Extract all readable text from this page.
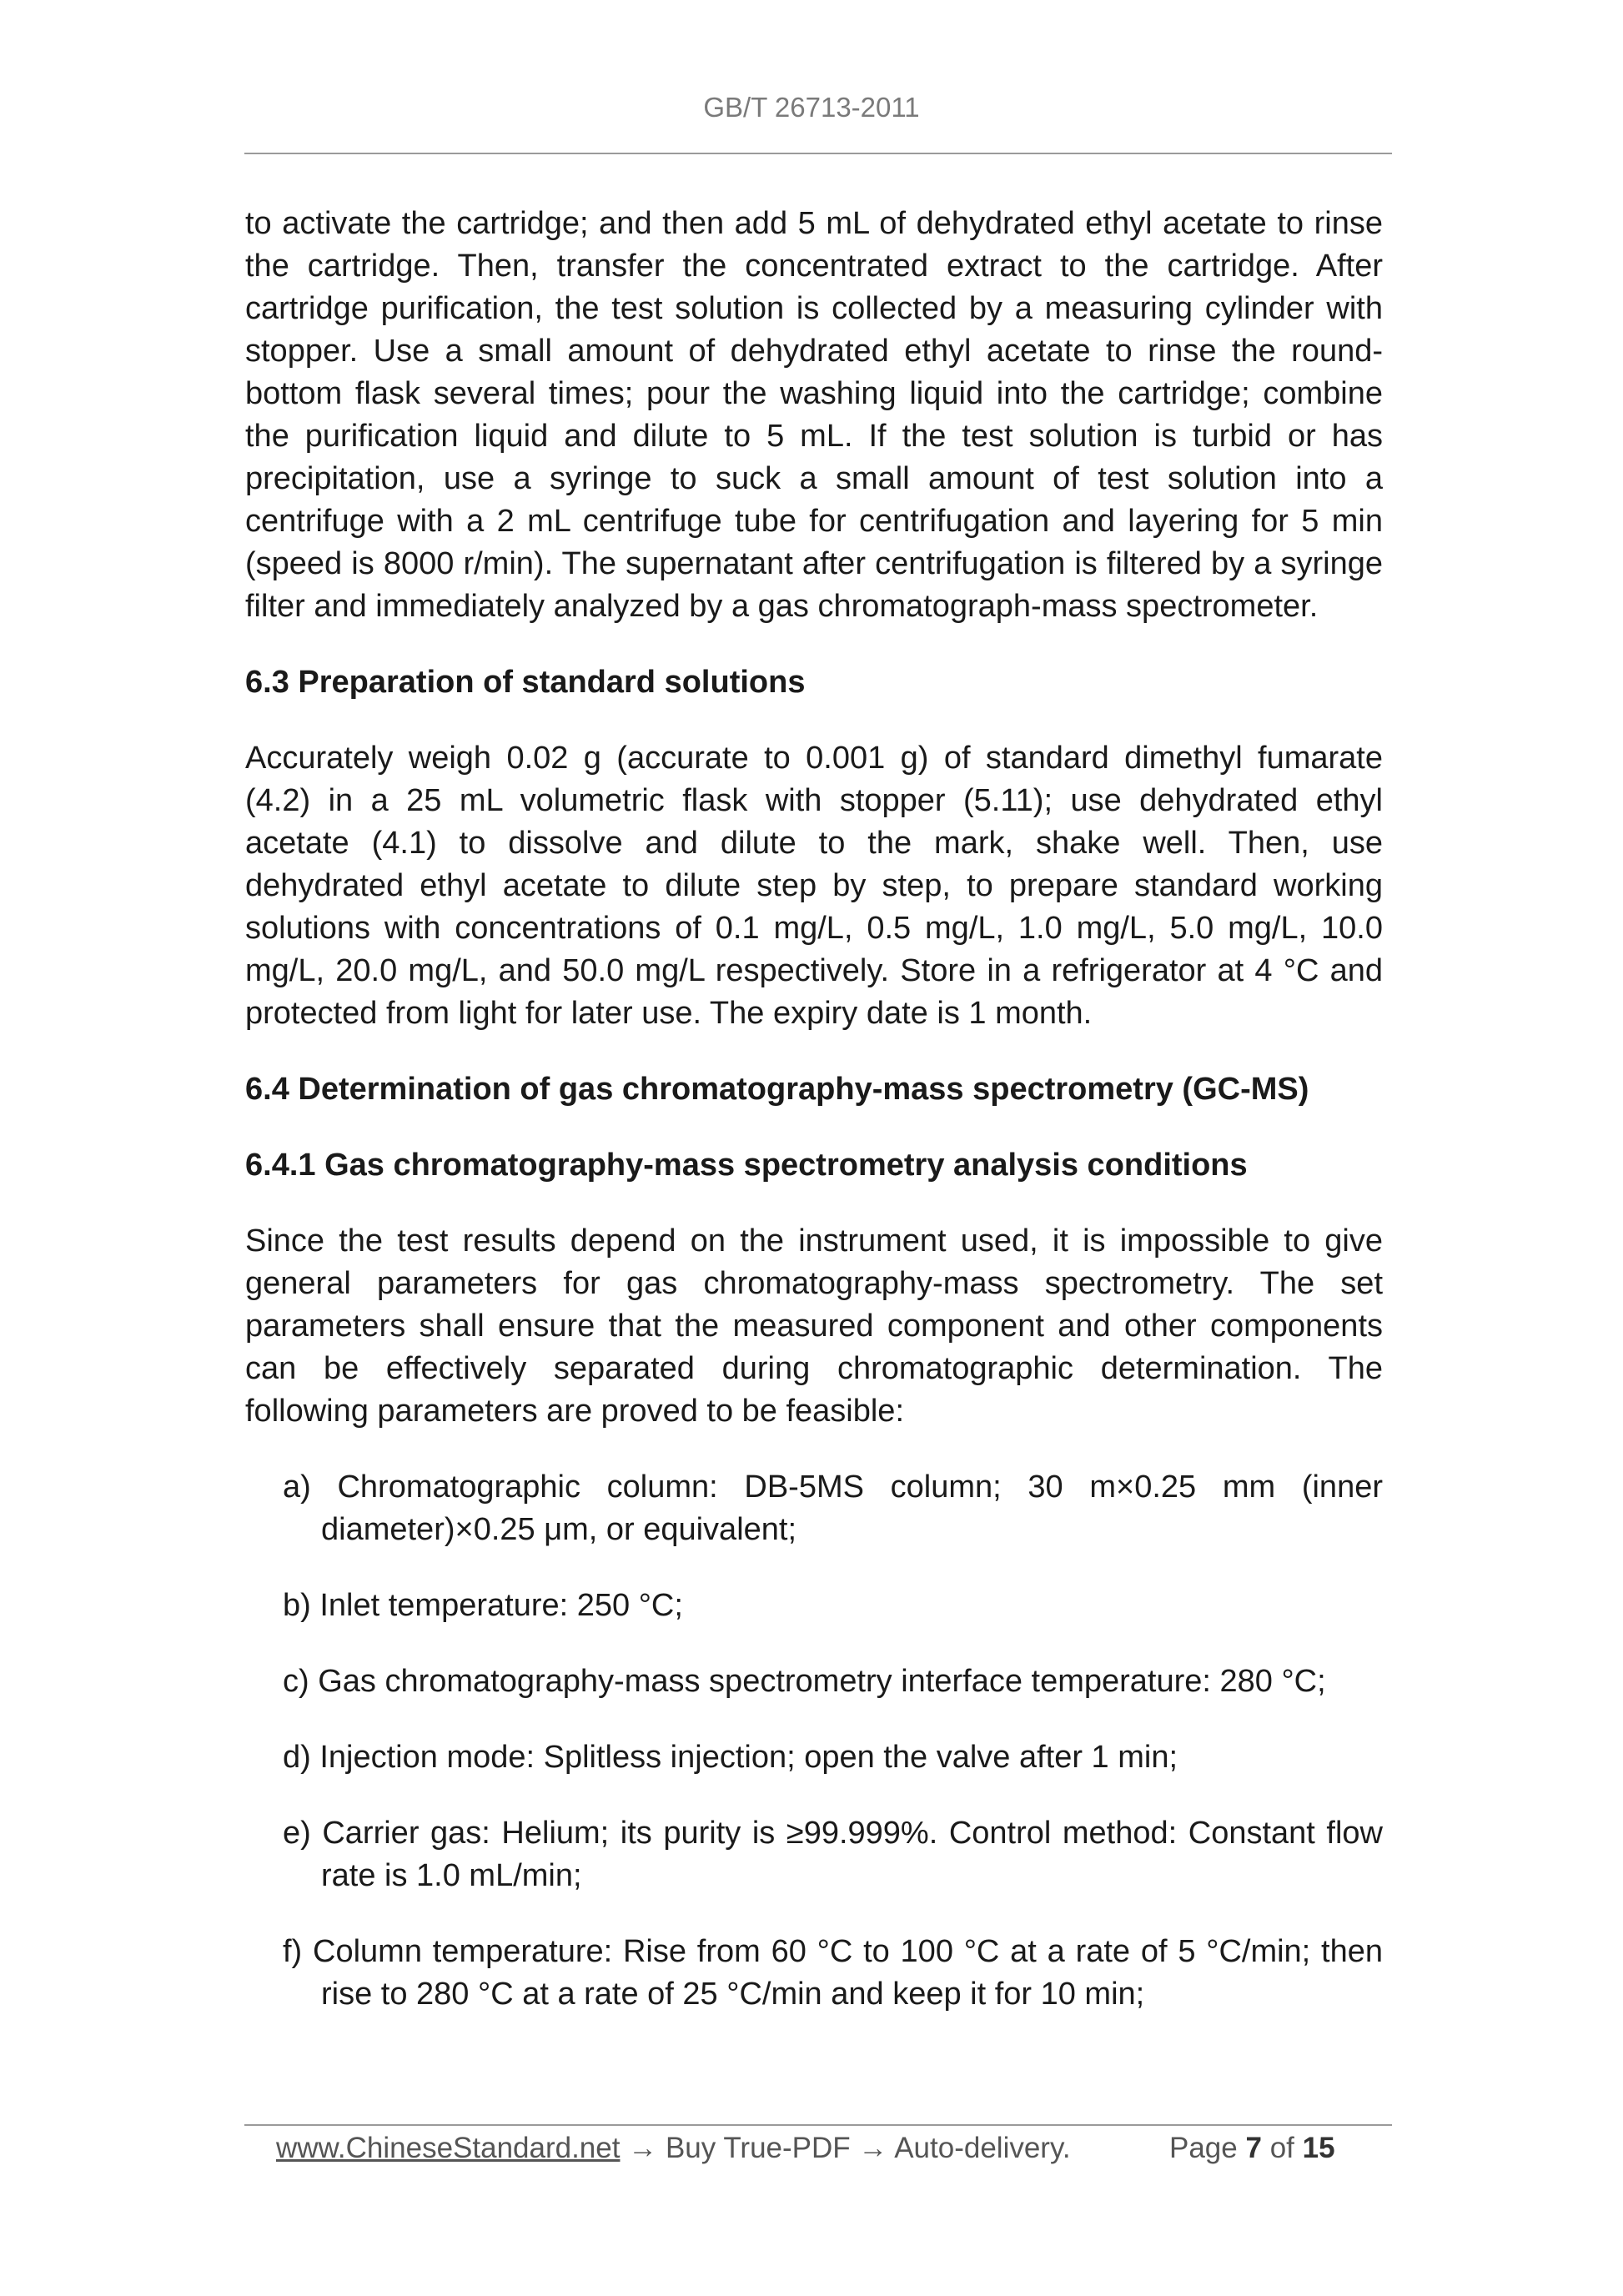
GB/T 26713-2011

to activate the cartridge; and then add 5 mL of dehydrated ethyl acetate to rinse the cartridge. Then, transfer the concentrated extract to the cartridge. After cartridge purification, the test solution is collected by a measuring cylinder with stopper. Use a small amount of dehydrated ethyl acetate to rinse the round-bottom flask several times; pour the washing liquid into the cartridge; combine the purification liquid and dilute to 5 mL. If the test solution is turbid or has precipitation, use a syringe to suck a small amount of test solution into a centrifuge with a 2 mL centrifuge tube for centrifugation and layering for 5 min (speed is 8000 r/min). The supernatant after centrifugation is filtered by a syringe filter and immediately analyzed by a gas chromatograph-mass spectrometer.

6.3 Preparation of standard solutions

Accurately weigh 0.02 g (accurate to 0.001 g) of standard dimethyl fumarate (4.2) in a 25 mL volumetric flask with stopper (5.11); use dehydrated ethyl acetate (4.1) to dissolve and dilute to the mark, shake well. Then, use dehydrated ethyl acetate to dilute step by step, to prepare standard working solutions with concentrations of 0.1 mg/L, 0.5 mg/L, 1.0 mg/L, 5.0 mg/L, 10.0 mg/L, 20.0 mg/L, and 50.0 mg/L respectively. Store in a refrigerator at 4 °C and protected from light for later use. The expiry date is 1 month.

6.4 Determination of gas chromatography-mass spectrometry (GC-MS)
6.4.1 Gas chromatography-mass spectrometry analysis conditions

Since the test results depend on the instrument used, it is impossible to give general parameters for gas chromatography-mass spectrometry. The set parameters shall ensure that the measured component and other components can be effectively separated during chromatographic determination. The following parameters are proved to be feasible:

a) Chromatographic column: DB-5MS column; 30 m×0.25 mm (inner diameter)×0.25 μm, or equivalent;
b) Inlet temperature: 250 °C;
c) Gas chromatography-mass spectrometry interface temperature: 280 °C;
d) Injection mode: Splitless injection; open the valve after 1 min;
e) Carrier gas: Helium; its purity is ≥99.999%. Control method: Constant flow rate is 1.0 mL/min;
f) Column temperature: Rise from 60 °C to 100 °C at a rate of 5 °C/min; then rise to 280 °C at a rate of 25 °C/min and keep it for 10 min;
www.ChineseStandard.net → Buy True-PDF → Auto-delivery.	Page 7 of 15
